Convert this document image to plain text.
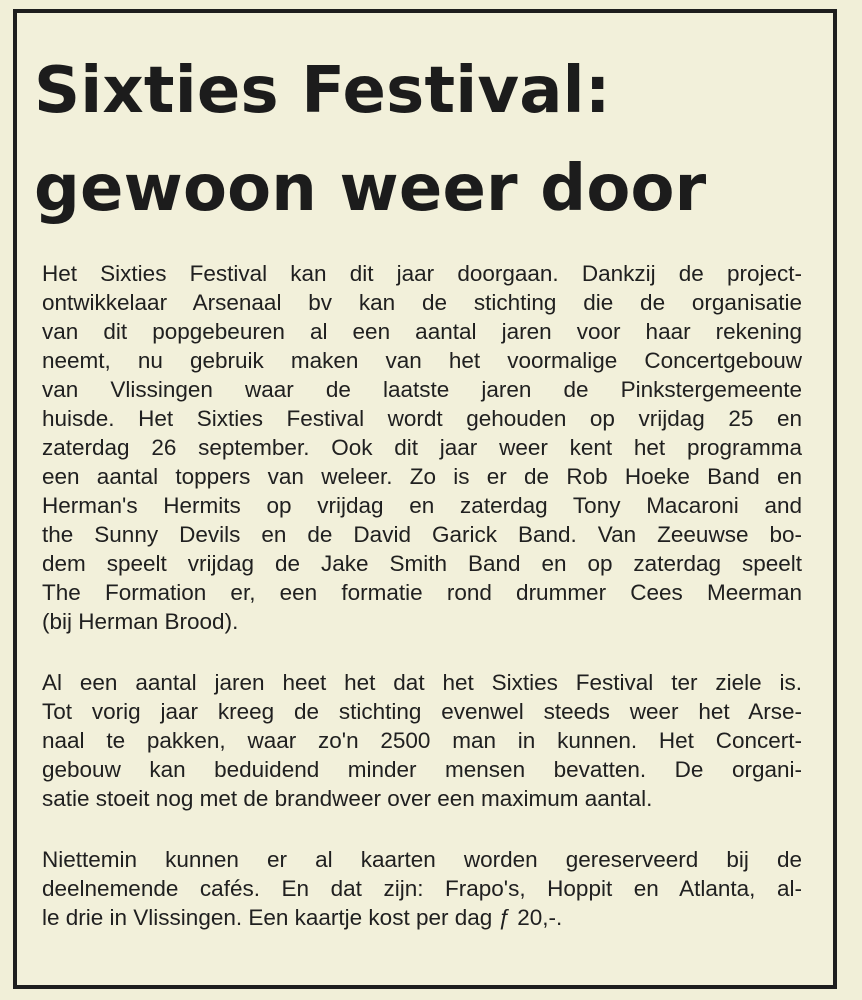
Sixties Festival:
gewoon weer door
Het Sixties Festival kan dit jaar doorgaan. Dankzij de project-
ontwikkelaar Arsenaal bv kan de stichting die de organisatie
van dit popgebeuren al een aantal jaren voor haar rekening
neemt, nu gebruik maken van het voormalige Concertgebouw
van Vlissingen waar de laatste jaren de Pinkstergemeente
huisde. Het Sixties Festival wordt gehouden op vrijdag 25 en
zaterdag 26 september. Ook dit jaar weer kent het programma
een aantal toppers van weleer. Zo is er de Rob Hoeke Band en
Herman's Hermits op vrijdag en zaterdag Tony Macaroni and
the Sunny Devils en de David Garick Band. Van Zeeuwse bo-
dem speelt vrijdag de Jake Smith Band en op zaterdag speelt
The Formation er, een formatie rond drummer Cees Meerman
(bij Herman Brood).
Al een aantal jaren heet het dat het Sixties Festival ter ziele is.
Tot vorig jaar kreeg de stichting evenwel steeds weer het Arse-
naal te pakken, waar zo'n 2500 man in kunnen. Het Concert-
gebouw kan beduidend minder mensen bevatten. De organi-
satie stoeit nog met de brandweer over een maximum aantal.
Niettemin kunnen er al kaarten worden gereserveerd bij de
deelnemende cafés. En dat zijn: Frapo's, Hoppit en Atlanta, al-
le drie in Vlissingen. Een kaartje kost per dag ƒ 20,-.
